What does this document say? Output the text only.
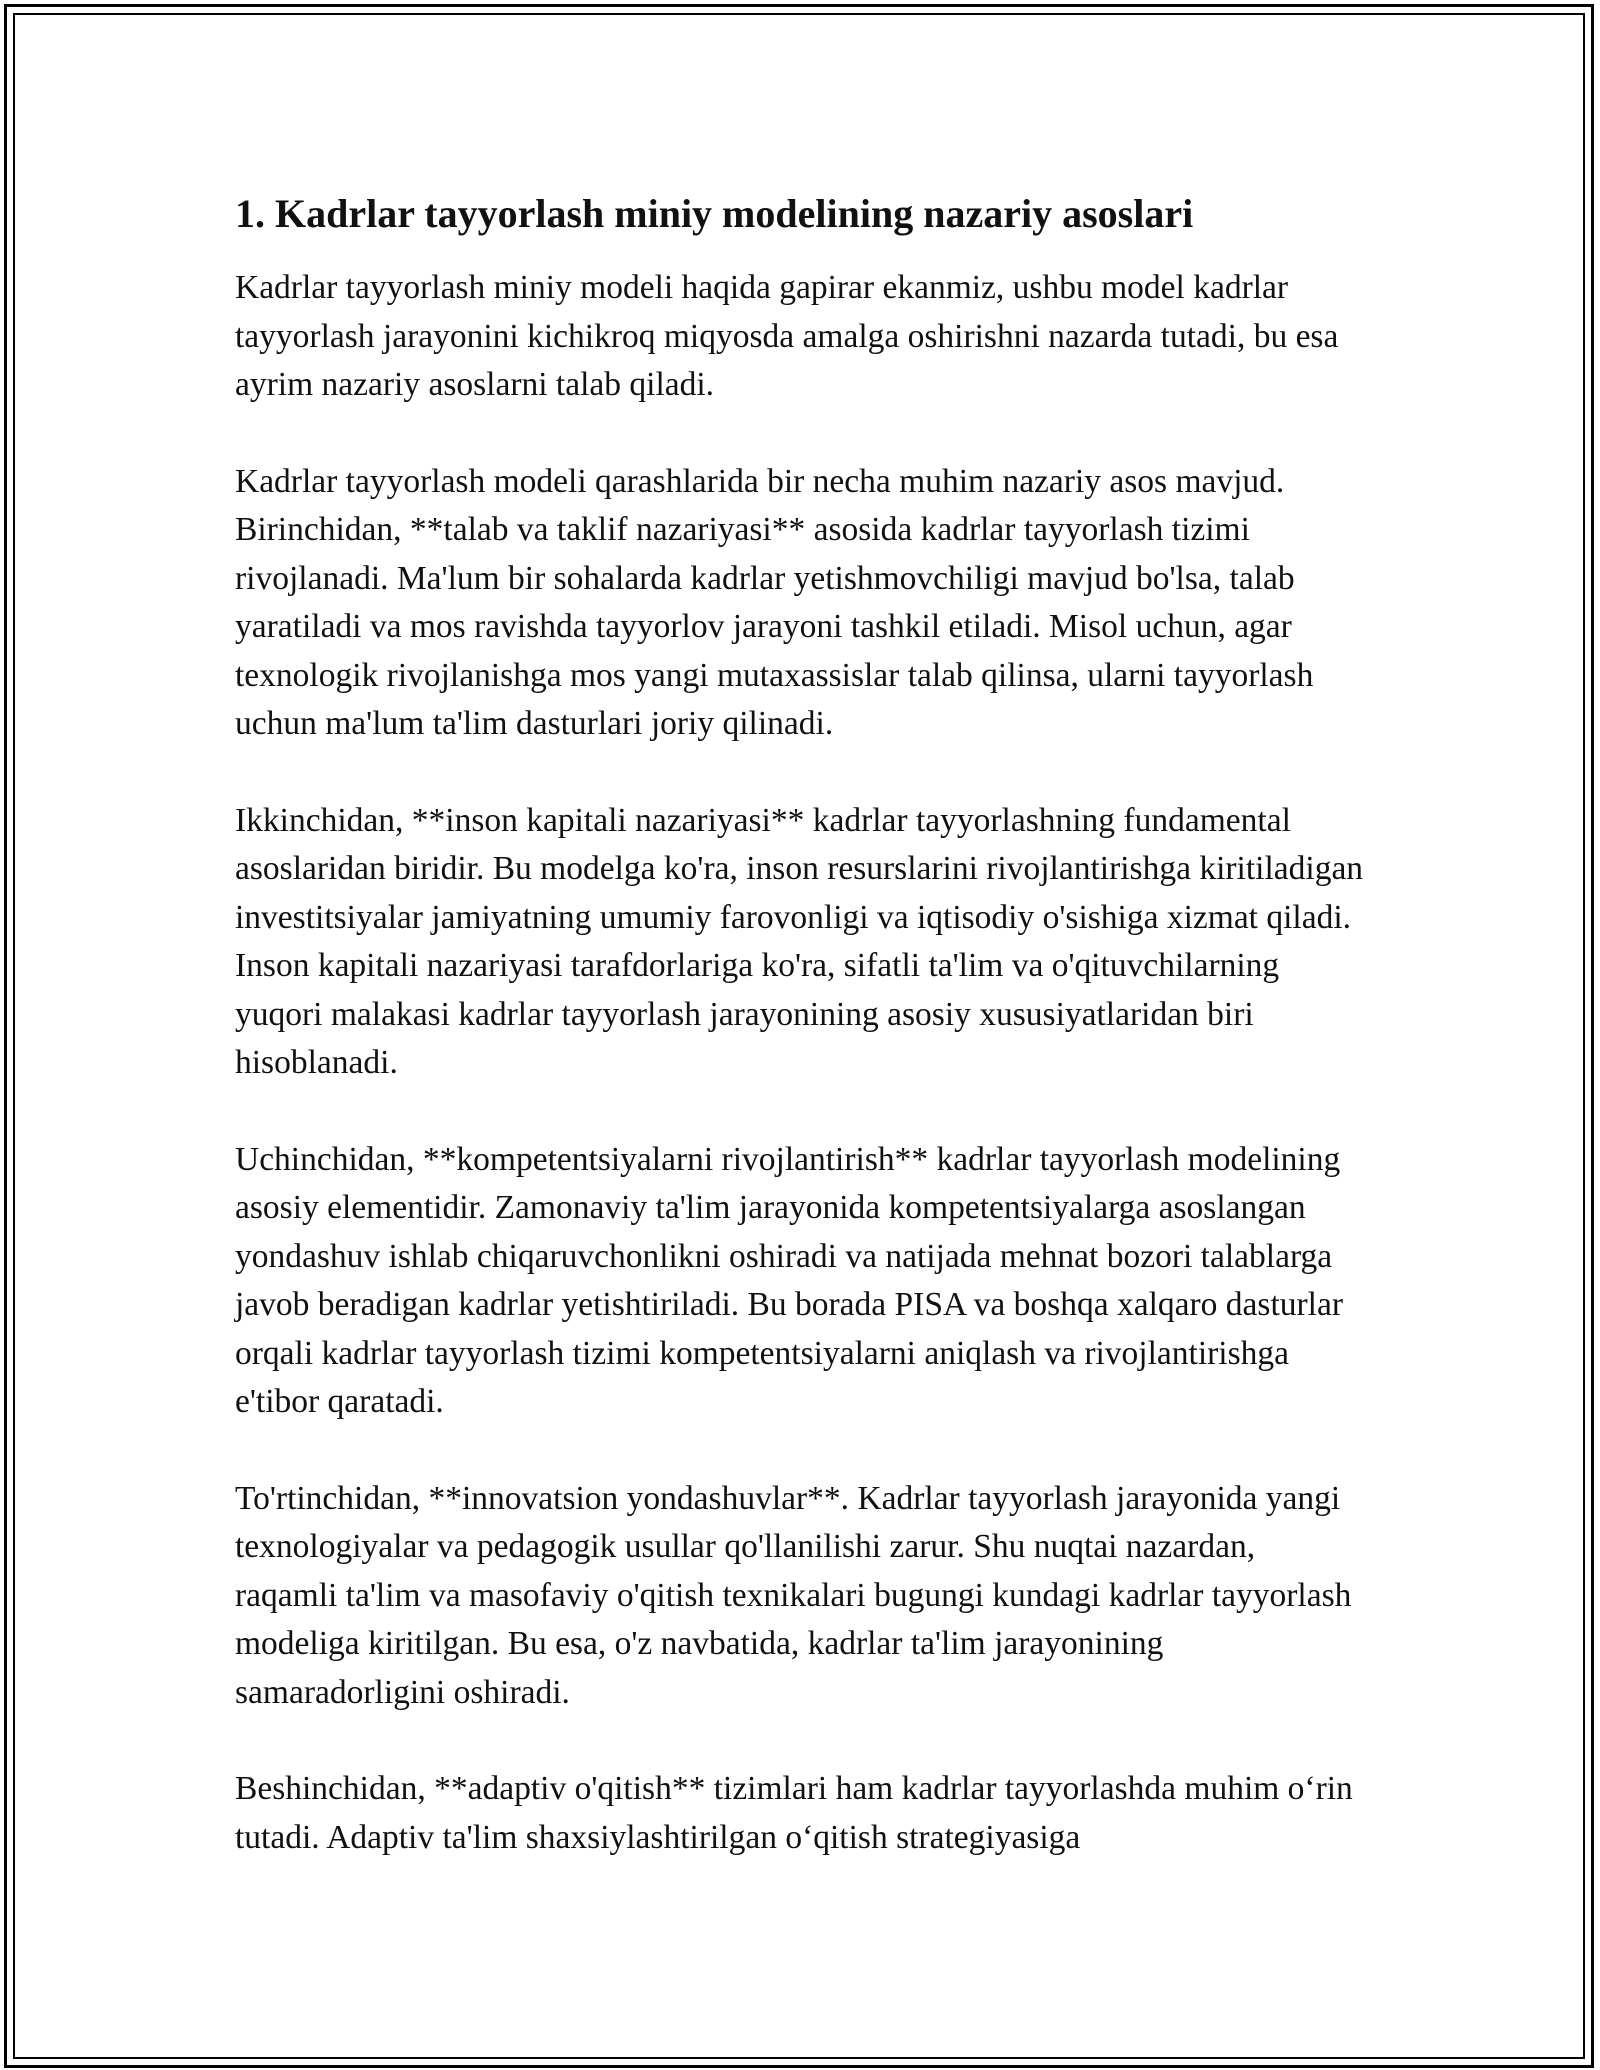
1. Kadrlar tayyorlash miniy modelining nazariy asoslari

Kadrlar tayyorlash miniy modeli haqida gapirar ekanmiz, ushbu model kadrlar tayyorlash jarayonini kichikroq miqyosda amalga oshirishni nazarda tutadi, bu esa ayrim nazariy asoslarni talab qiladi.

Kadrlar tayyorlash modeli qarashlarida bir necha muhim nazariy asos mavjud. Birinchidan, **talab va taklif nazariyasi** asosida kadrlar tayyorlash tizimi rivojlanadi. Ma'lum bir sohalarda kadrlar yetishmovchiligi mavjud bo'lsa, talab yaratiladi va mos ravishda tayyorlov jarayoni tashkil etiladi. Misol uchun, agar texnologik rivojlanishga mos yangi mutaxassislar talab qilinsa, ularni tayyorlash uchun ma'lum ta'lim dasturlari joriy qilinadi.

Ikkinchidan, **inson kapitali nazariyasi** kadrlar tayyorlashning fundamental asoslaridan biridir. Bu modelga ko'ra, inson resurslarini rivojlantirishga kiritiladigan investitsiyalar jamiyatning umumiy farovonligi va iqtisodiy o'sishiga xizmat qiladi. Inson kapitali nazariyasi tarafdorlariga ko'ra, sifatli ta'lim va o'qituvchilarning yuqori malakasi kadrlar tayyorlash jarayonining asosiy xususiyatlaridan biri hisoblanadi.

Uchinchidan, **kompetentsiyalarni rivojlantirish** kadrlar tayyorlash modelining asosiy elementidir. Zamonaviy ta'lim jarayonida kompetentsiyalarga asoslangan yondashuv ishlab chiqaruvchonlikni oshiradi va natijada mehnat bozori talablarga javob beradigan kadrlar yetishtiriladi. Bu borada PISA va boshqa xalqaro dasturlar orqali kadrlar tayyorlash tizimi kompetentsiyalarni aniqlash va rivojlantirishga e'tibor qaratadi.

To'rtinchidan, **innovatsion yondashuvlar**. Kadrlar tayyorlash jarayonida yangi texnologiyalar va pedagogik usullar qo'llanilishi zarur. Shu nuqtai nazardan, raqamli ta'lim va masofaviy o'qitish texnikalari bugungi kundagi kadrlar tayyorlash modeliga kiritilgan. Bu esa, o'z navbatida, kadrlar ta'lim jarayonining samaradorligini oshiradi.

Beshinchidan, **adaptiv o'qitish** tizimlari ham kadrlar tayyorlashda muhim o‘rin tutadi. Adaptiv ta'lim shaxsiylashtirilgan o‘qitish strategiyasiga
